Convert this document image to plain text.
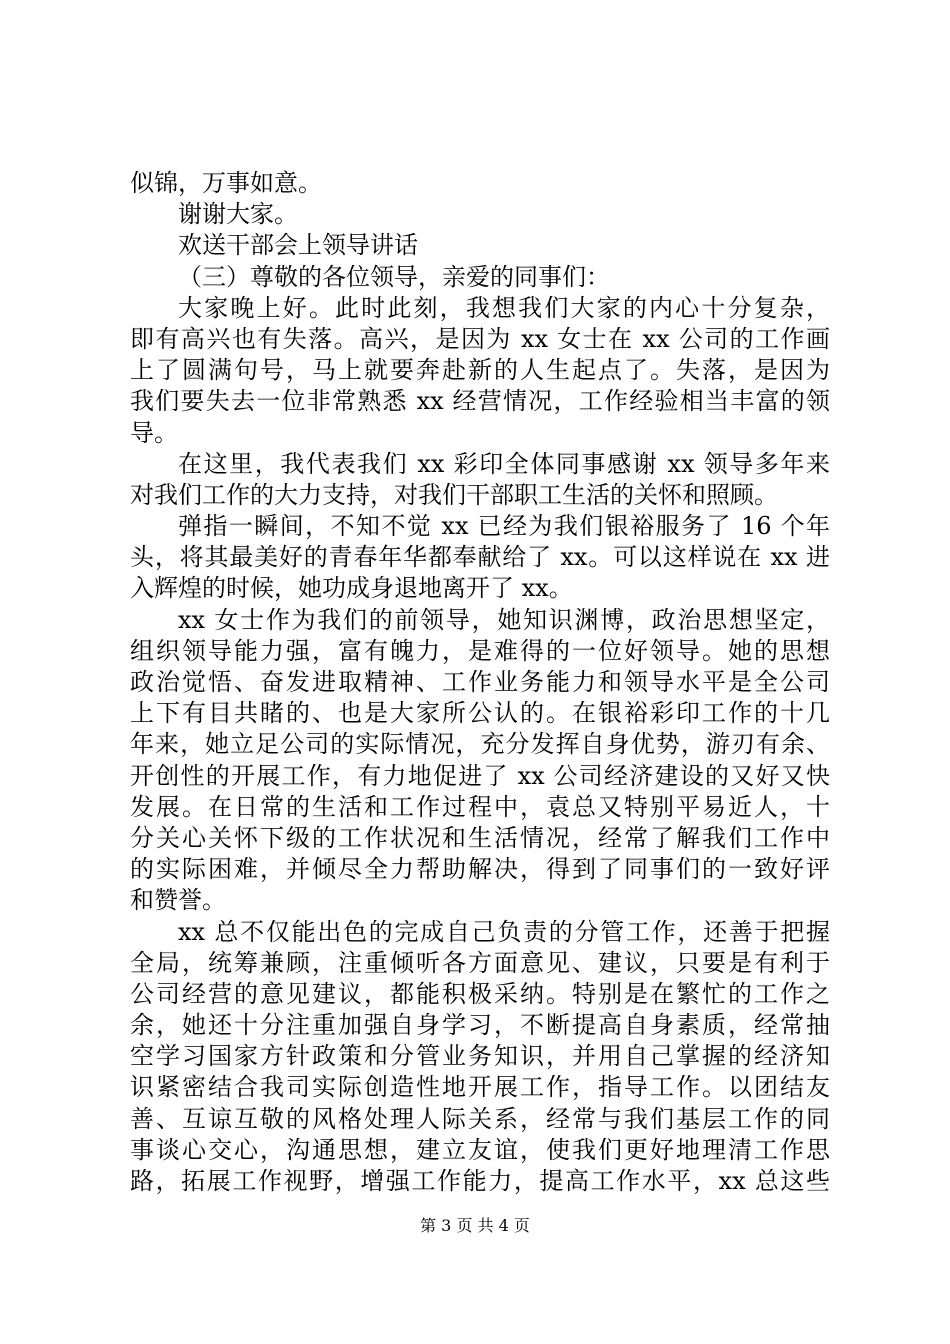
似锦，万事如意。
谢谢大家。
欢送干部会上领导讲话
（三）尊敬的各位领导，亲爱的同事们：
大家晚上好。此时此刻，我想我们大家的内心十分复杂，
即有高兴也有失落。高兴，是因为 xx 女士在 xx 公司的工作画
上了圆满句号，马上就要奔赴新的人生起点了。失落，是因为
我们要失去一位非常熟悉 xx 经营情况，工作经验相当丰富的领
导。
在这里，我代表我们 xx 彩印全体同事感谢 xx 领导多年来
对我们工作的大力支持，对我们干部职工生活的关怀和照顾。
弹指一瞬间，不知不觉 xx 已经为我们银裕服务了 16 个年
头，将其最美好的青春年华都奉献给了 xx。可以这样说在 xx 进
入辉煌的时候，她功成身退地离开了 xx。
xx 女士作为我们的前领导，她知识渊博，政治思想坚定，
组织领导能力强，富有魄力，是难得的一位好领导。她的思想
政治觉悟、奋发进取精神、工作业务能力和领导水平是全公司
上下有目共睹的、也是大家所公认的。在银裕彩印工作的十几
年来，她立足公司的实际情况，充分发挥自身优势，游刃有余、
开创性的开展工作，有力地促进了 xx 公司经济建设的又好又快
发展。在日常的生活和工作过程中，袁总又特别平易近人，十
分关心关怀下级的工作状况和生活情况，经常了解我们工作中
的实际困难，并倾尽全力帮助解决，得到了同事们的一致好评
和赞誉。
xx 总不仅能出色的完成自己负责的分管工作，还善于把握
全局，统筹兼顾，注重倾听各方面意见、建议，只要是有利于
公司经营的意见建议，都能积极采纳。特别是在繁忙的工作之
余，她还十分注重加强自身学习，不断提高自身素质，经常抽
空学习国家方针政策和分管业务知识，并用自己掌握的经济知
识紧密结合我司实际创造性地开展工作，指导工作。以团结友
善、互谅互敬的风格处理人际关系，经常与我们基层工作的同
事谈心交心，沟通思想，建立友谊，使我们更好地理清工作思
路，拓展工作视野，增强工作能力，提高工作水平，xx 总这些
第 3 页 共 4 页
